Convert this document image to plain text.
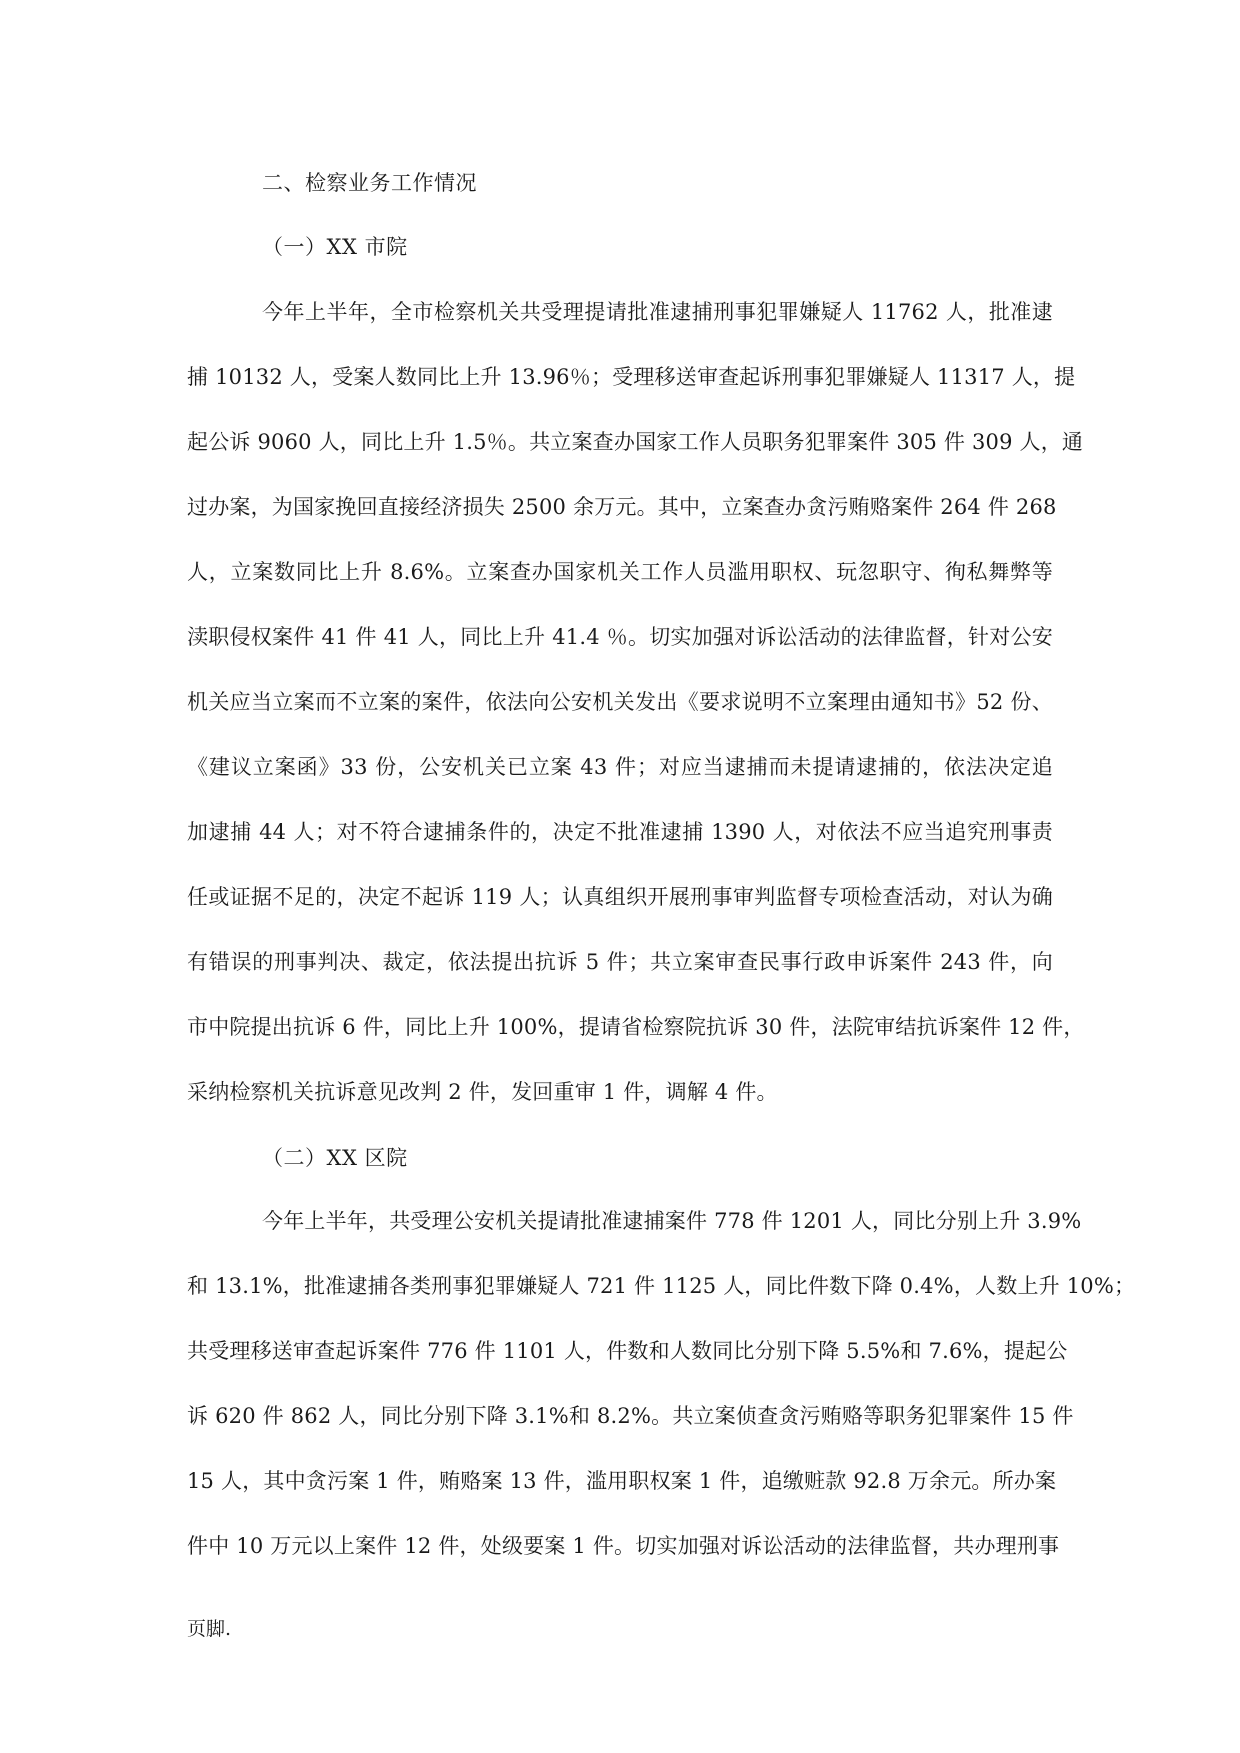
二、检察业务工作情况
（一）XX 市院
今年上半年，全市检察机关共受理提请批准逮捕刑事犯罪嫌疑人 11762 人，批准逮
捕 10132 人，受案人数同比上升 13.96％；受理移送审查起诉刑事犯罪嫌疑人 11317 人，提
起公诉 9060 人，同比上升 1.5％。共立案查办国家工作人员职务犯罪案件 305 件 309 人，通
过办案，为国家挽回直接经济损失 2500 余万元。其中，立案查办贪污贿赂案件 264 件 268
人，立案数同比上升 8.6%。立案查办国家机关工作人员滥用职权、玩忽职守、徇私舞弊等
渎职侵权案件 41 件 41 人，同比上升 41.4 ％。切实加强对诉讼活动的法律监督，针对公安
机关应当立案而不立案的案件，依法向公安机关发出《要求说明不立案理由通知书》52 份、
《建议立案函》33 份，公安机关已立案 43 件；对应当逮捕而未提请逮捕的，依法决定追
加逮捕 44 人；对不符合逮捕条件的，决定不批准逮捕 1390 人，对依法不应当追究刑事责
任或证据不足的，决定不起诉 119 人；认真组织开展刑事审判监督专项检查活动，对认为确
有错误的刑事判决、裁定，依法提出抗诉 5 件；共立案审查民事行政申诉案件 243 件，向
市中院提出抗诉 6 件，同比上升 100%，提请省检察院抗诉 30 件，法院审结抗诉案件 12 件，
采纳检察机关抗诉意见改判 2 件，发回重审 1 件，调解 4 件。
（二）XX 区院
今年上半年，共受理公安机关提请批准逮捕案件 778 件 1201 人，同比分别上升 3.9%
和 13.1%，批准逮捕各类刑事犯罪嫌疑人 721 件 1125 人，同比件数下降 0.4%，人数上升 10%；
共受理移送审查起诉案件 776 件 1101 人，件数和人数同比分别下降 5.5%和 7.6%，提起公
诉 620 件 862 人，同比分别下降 3.1%和 8.2%。共立案侦查贪污贿赂等职务犯罪案件 15 件
15 人，其中贪污案 1 件，贿赂案 13 件，滥用职权案 1 件，追缴赃款 92.8 万余元。所办案
件中 10 万元以上案件 12 件，处级要案 1 件。切实加强对诉讼活动的法律监督，共办理刑事
页脚.
